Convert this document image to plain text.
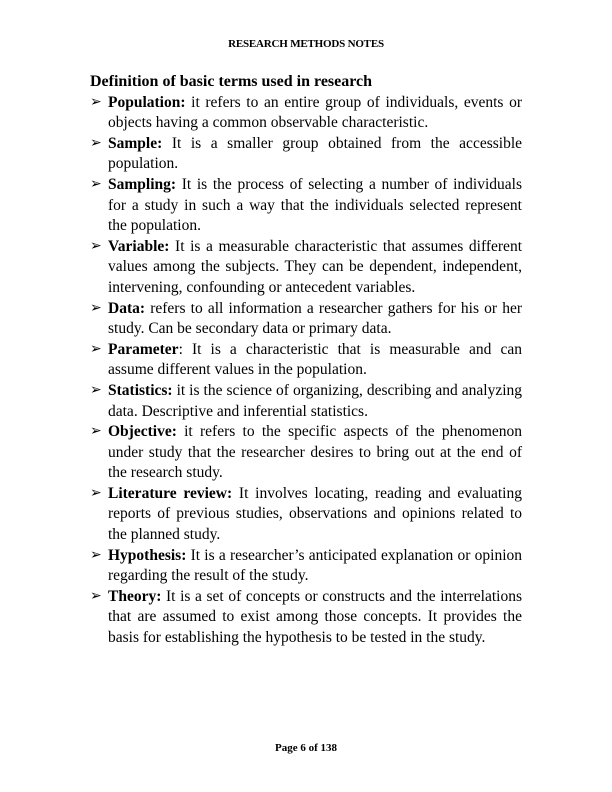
RESEARCH METHODS NOTES

Definition of basic terms used in research

➢ Population: it refers to an entire group of individuals, events or objects having a common observable characteristic.
➢ Sample: It is a smaller group obtained from the accessible population.
➢ Sampling: It is the process of selecting a number of individuals for a study in such a way that the individuals selected represent the population.
➢ Variable: It is a measurable characteristic that assumes different values among the subjects. They can be dependent, independent, intervening, confounding or antecedent variables.
➢ Data: refers to all information a researcher gathers for his or her study. Can be secondary data or primary data.
➢ Parameter: It is a characteristic that is measurable and can assume different values in the population.
➢ Statistics: it is the science of organizing, describing and analyzing data. Descriptive and inferential statistics.
➢ Objective: it refers to the specific aspects of the phenomenon under study that the researcher desires to bring out at the end of the research study.
➢ Literature review: It involves locating, reading and evaluating reports of previous studies, observations and opinions related to the planned study.
➢ Hypothesis: It is a researcher’s anticipated explanation or opinion regarding the result of the study.
➢ Theory: It is a set of concepts or constructs and the interrelations that are assumed to exist among those concepts. It provides the basis for establishing the hypothesis to be tested in the study.
Page 6 of 138
